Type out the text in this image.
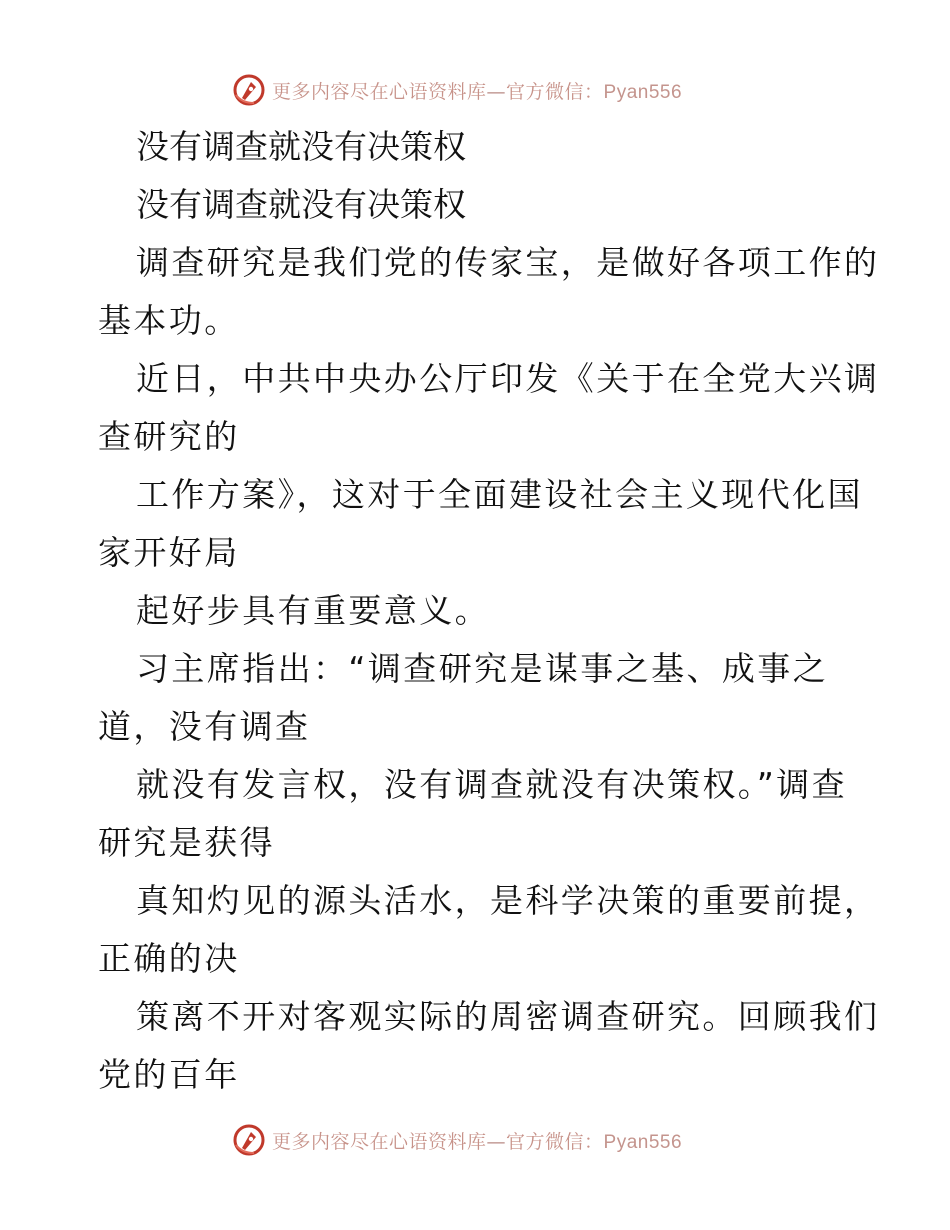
更多内容尽在心语资料库—官方微信：Pyan556
没有调查就没有决策权
没有调查就没有决策权
调查研究是我们党的传家宝，是做好各项工作的
基本功。
近日，中共中央办公厅印发《关于在全党大兴调
查研究的
工作方案》，这对于全面建设社会主义现代化国
家开好局
起好步具有重要意义。
习主席指出：“调查研究是谋事之基、成事之
道，没有调查
就没有发言权，没有调查就没有决策权。”调查
研究是获得
真知灼见的源头活水，是科学决策的重要前提，
正确的决
策离不开对客观实际的周密调查研究。回顾我们
党的百年
更多内容尽在心语资料库—官方微信：Pyan556
